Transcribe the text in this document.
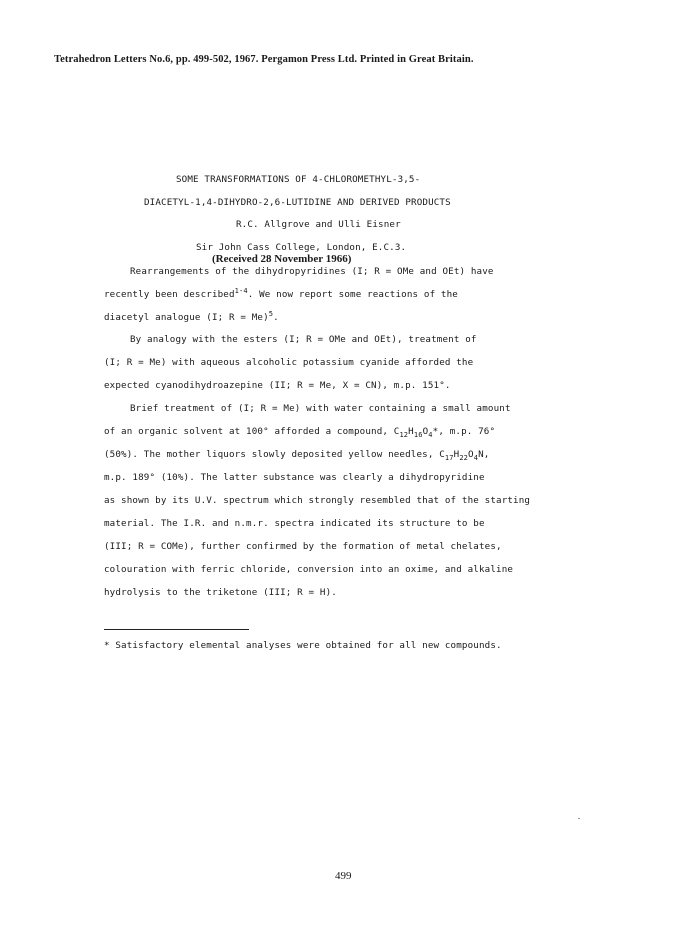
Tetrahedron Letters No.6, pp. 499-502, 1967. Pergamon Press Ltd. Printed in Great Britain.
SOME TRANSFORMATIONS OF 4-CHLOROMETHYL-3,5-
DIACETYL-1,4-DIHYDRO-2,6-LUTIDINE AND DERIVED PRODUCTS
R.C. Allgrove and Ulli Eisner
Sir John Cass College, London, E.C.3.
(Received 28 November 1966)
Rearrangements of the dihydropyridines (I; R = OMe and OEt) have
recently been described$^{1-4}$. We now report some reactions of the
diacetyl analogue (I; R = Me)$^5$.
By analogy with the esters (I; R = OMe and OEt), treatment of
(I; R = Me) with aqueous alcoholic potassium cyanide afforded the
expected cyanodihydroazepine (II; R = Me, X = CN), m.p. 151°.
Brief treatment of (I; R = Me) with water containing a small amount
of an organic solvent at 100° afforded a compound, $C_{12}H_{16}O_4*$, m.p. 76°
(50%). The mother liquors slowly deposited yellow needles, $C_{17}H_{22}O_4N$,
m.p. 189° (10%). The latter substance was clearly a dihydropyridine
as shown by its U.V. spectrum which strongly resembled that of the starting
material. The I.R. and n.m.r. spectra indicated its structure to be
(III; R = COMe), further confirmed by the formation of metal chelates,
colouration with ferric chloride, conversion into an oxime, and alkaline
hydrolysis to the triketone (III; R = H).
* Satisfactory elemental analyses were obtained for all new compounds.
499
